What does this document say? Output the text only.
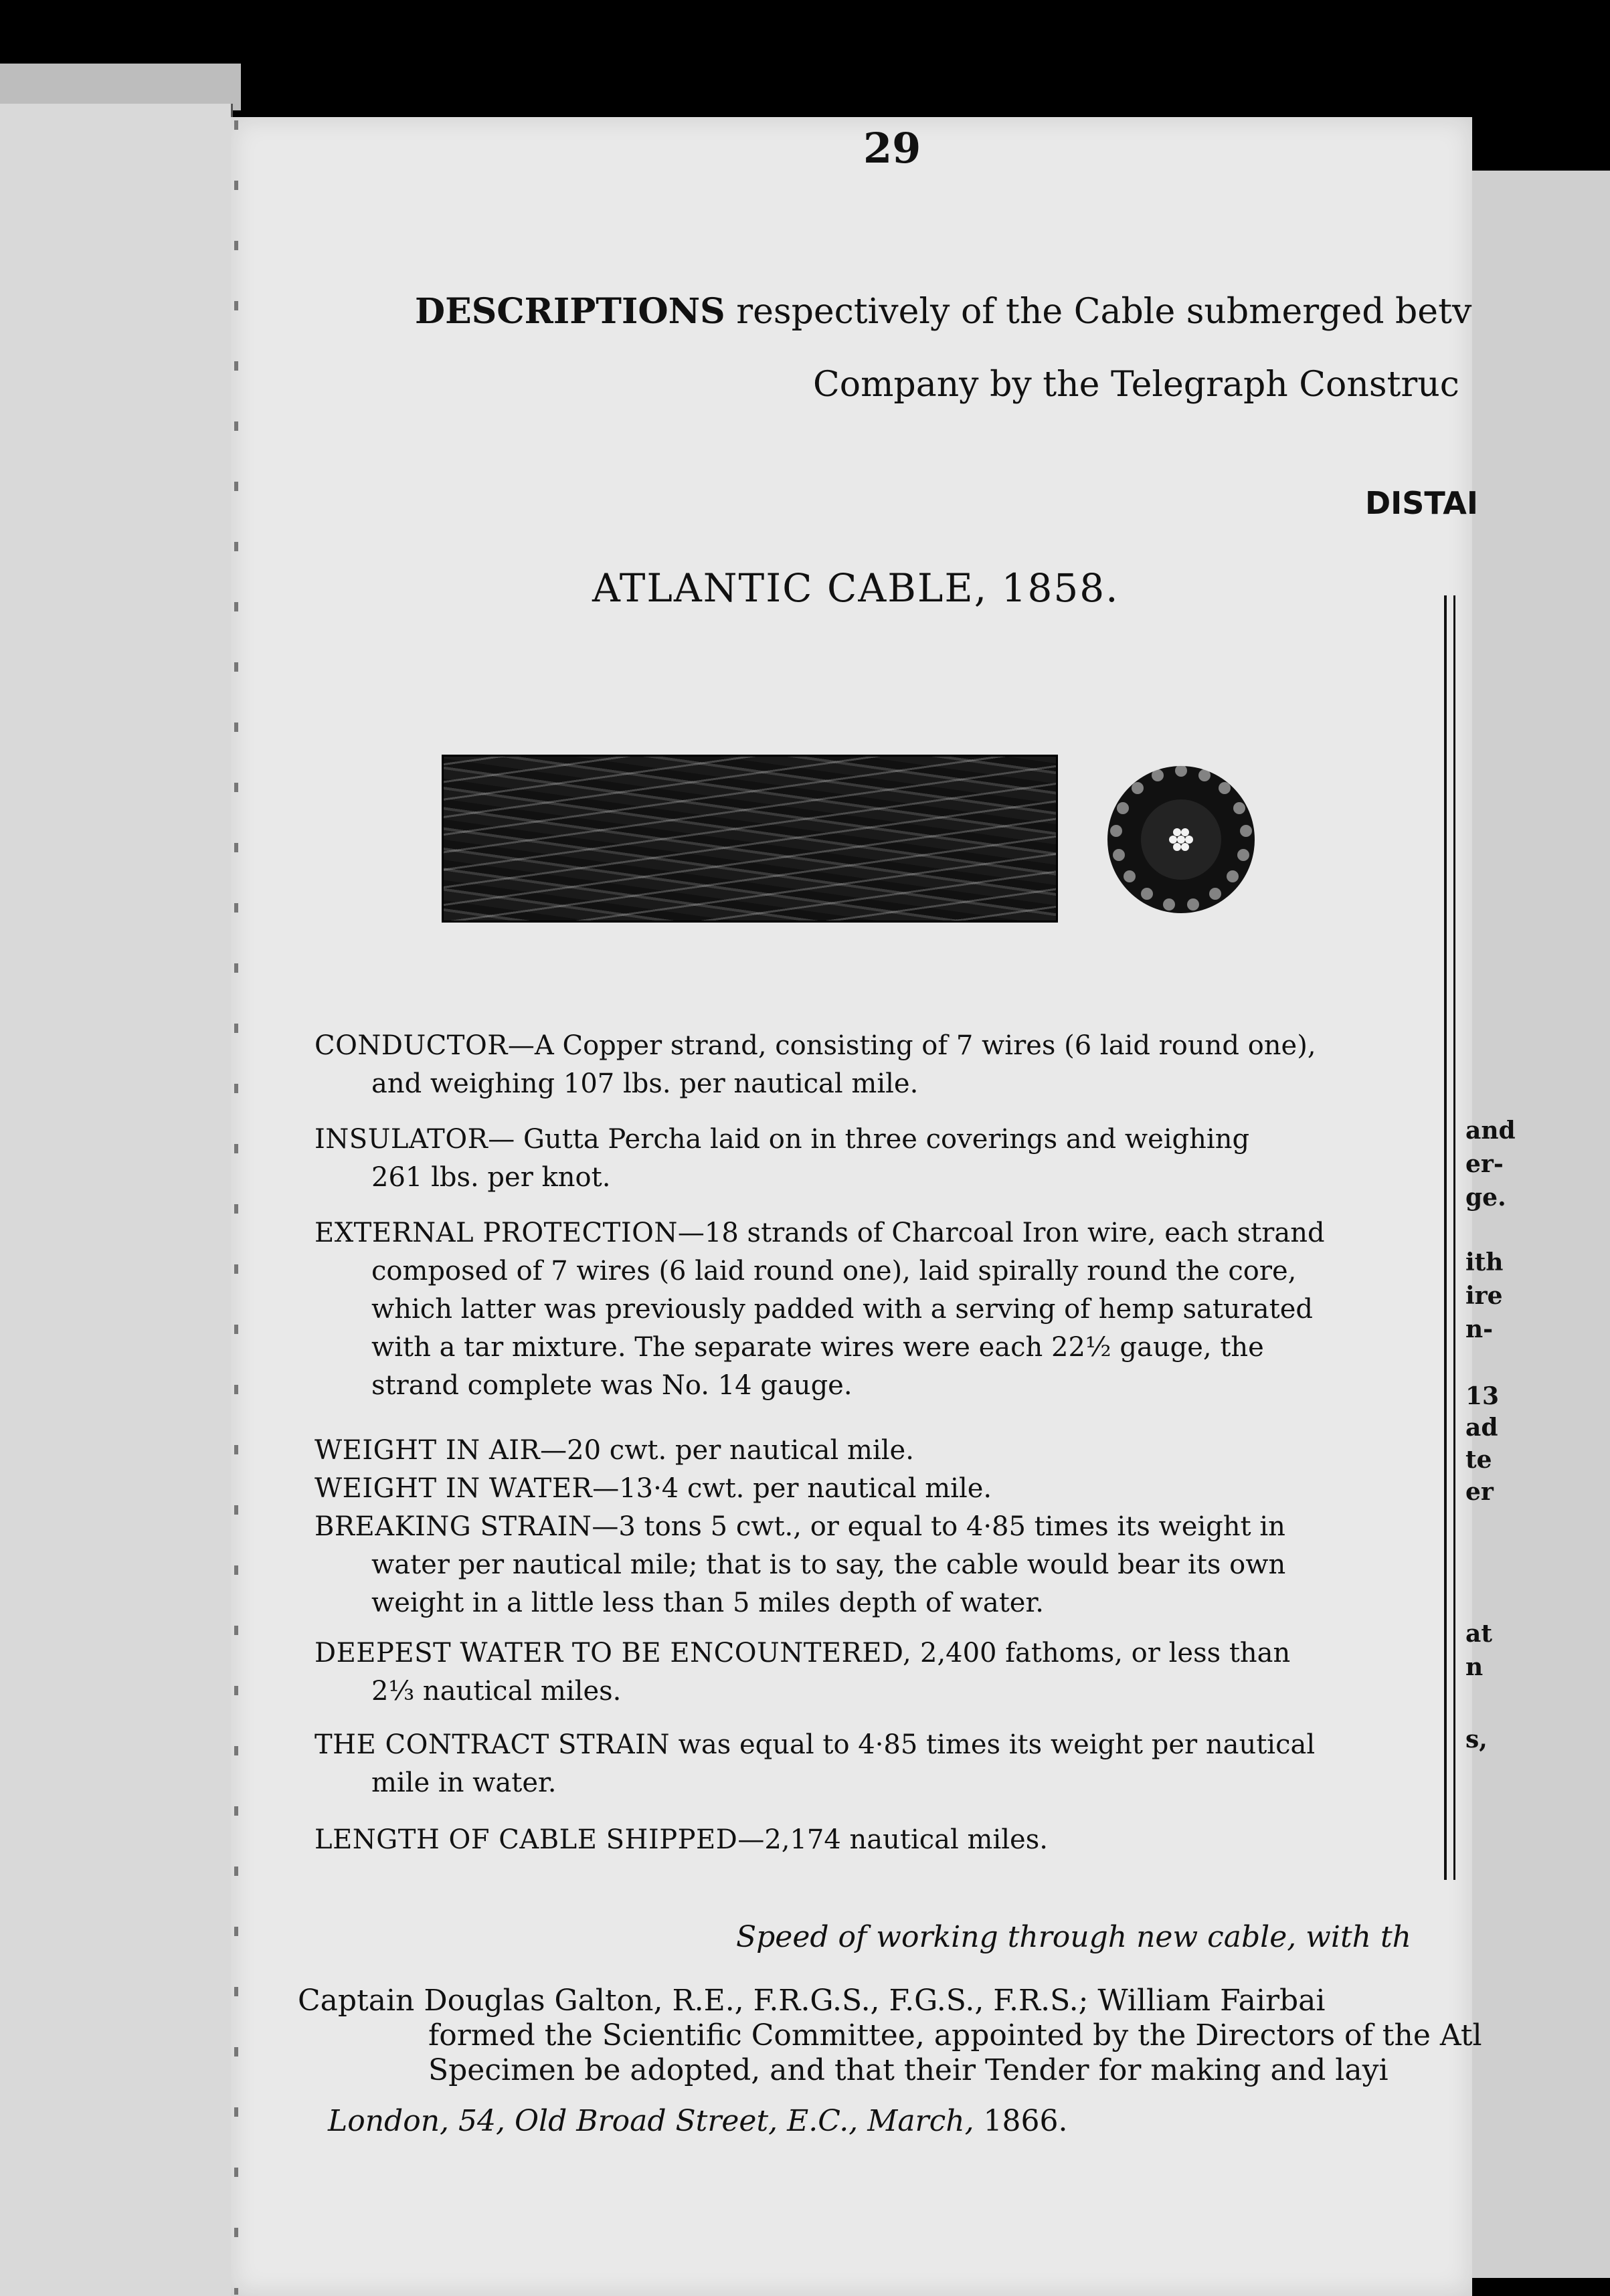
29
DESCRIPTIONS respectively of the Cable submerged betv
Company by the Telegraph Construc
DISTAI
ATLANTIC CABLE, 1858.
CONDUCTOR—A Copper strand, consisting of 7 wires (6 laid round one),
and weighing 107 lbs. per nautical mile.
INSULATOR— Gutta Percha laid on in three coverings and weighing
261 lbs. per knot.
EXTERNAL PROTECTION—18 strands of Charcoal Iron wire, each strand
composed of 7 wires (6 laid round one), laid spirally round the core,
which latter was previously padded with a serving of hemp saturated
with a tar mixture. The separate wires were each 22½ gauge, the
strand complete was No. 14 gauge.
WEIGHT IN AIR—20 cwt. per nautical mile.
WEIGHT IN WATER—13·4 cwt. per nautical mile.
BREAKING STRAIN—3 tons 5 cwt., or equal to 4·85 times its weight in
water per nautical mile; that is to say, the cable would bear its own
weight in a little less than 5 miles depth of water.
DEEPEST WATER TO BE ENCOUNTERED, 2,400 fathoms, or less than
2⅓ nautical miles.
THE CONTRACT STRAIN was equal to 4·85 times its weight per nautical
mile in water.
LENGTH OF CABLE SHIPPED—2,174 nautical miles.
and
er-
ge.
ith
ire
n-
13
ad
te
er
at
n
s,
Speed of working through new cable, with th
Captain Douglas Galton, R.E., F.R.G.S., F.G.S., F.R.S.; William Fairbai
formed the Scientific Committee, appointed by the Directors of the Atl
Specimen be adopted, and that their Tender for making and layi
London, 54, Old Broad Street, E.C., March, 1866.
